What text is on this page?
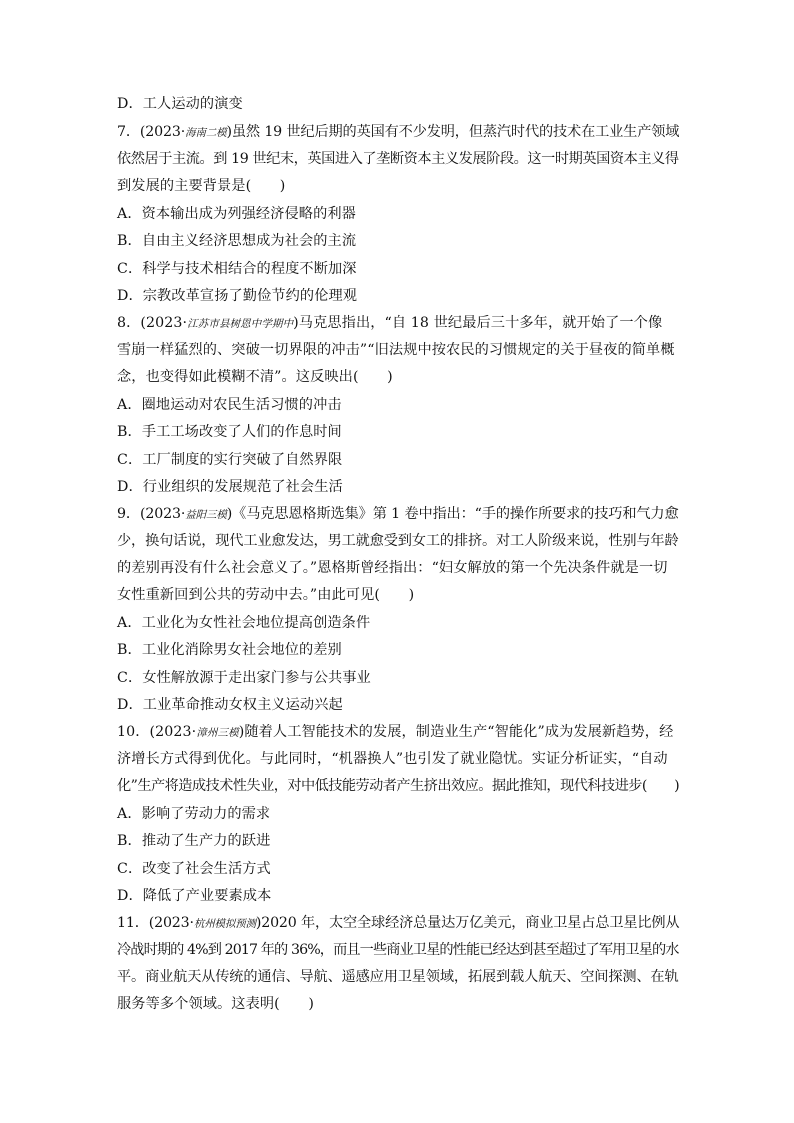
D．工人运动的演变
7．(2023·海南二模)虽然 19 世纪后期的英国有不少发明，但蒸汽时代的技术在工业生产领域
依然居于主流。到 19 世纪末，英国进入了垄断资本主义发展阶段。这一时期英国资本主义得
到发展的主要背景是(　　)
A．资本输出成为列强经济侵略的利器
B．自由主义经济思想成为社会的主流
C．科学与技术相结合的程度不断加深
D．宗教改革宣扬了勤俭节约的伦理观
8．(2023·江苏市县树恩中学期中)马克思指出，“自 18 世纪最后三十多年，就开始了一个像
雪崩一样猛烈的、突破一切界限的冲击”“旧法规中按农民的习惯规定的关于昼夜的简单概
念，也变得如此模糊不清”。这反映出(　　)
A．圈地运动对农民生活习惯的冲击
B．手工工场改变了人们的作息时间
C．工厂制度的实行突破了自然界限
D．行业组织的发展规范了社会生活
9．(2023·益阳三模)《马克思恩格斯选集》第 1 卷中指出：“手的操作所要求的技巧和气力愈
少，换句话说，现代工业愈发达，男工就愈受到女工的排挤。对工人阶级来说，性别与年龄
的差别再没有什么社会意义了。”恩格斯曾经指出：“妇女解放的第一个先决条件就是一切
女性重新回到公共的劳动中去。”由此可见(　　)
A．工业化为女性社会地位提高创造条件
B．工业化消除男女社会地位的差别
C．女性解放源于走出家门参与公共事业
D．工业革命推动女权主义运动兴起
10．(2023·漳州三模)随着人工智能技术的发展，制造业生产“智能化”成为发展新趋势，经
济增长方式得到优化。与此同时，“机器换人”也引发了就业隐忧。实证分析证实，“自动
化”生产将造成技术性失业，对中低技能劳动者产生挤出效应。据此推知，现代科技进步(　　)
A．影响了劳动力的需求
B．推动了生产力的跃进
C．改变了社会生活方式
D．降低了产业要素成本
11．(2023·杭州模拟预测)2020 年，太空全球经济总量达万亿美元，商业卫星占总卫星比例从
冷战时期的 4%到 2017 年的 36%，而且一些商业卫星的性能已经达到甚至超过了军用卫星的水
平。商业航天从传统的通信、导航、遥感应用卫星领域，拓展到载人航天、空间探测、在轨
服务等多个领域。这表明(　　)
